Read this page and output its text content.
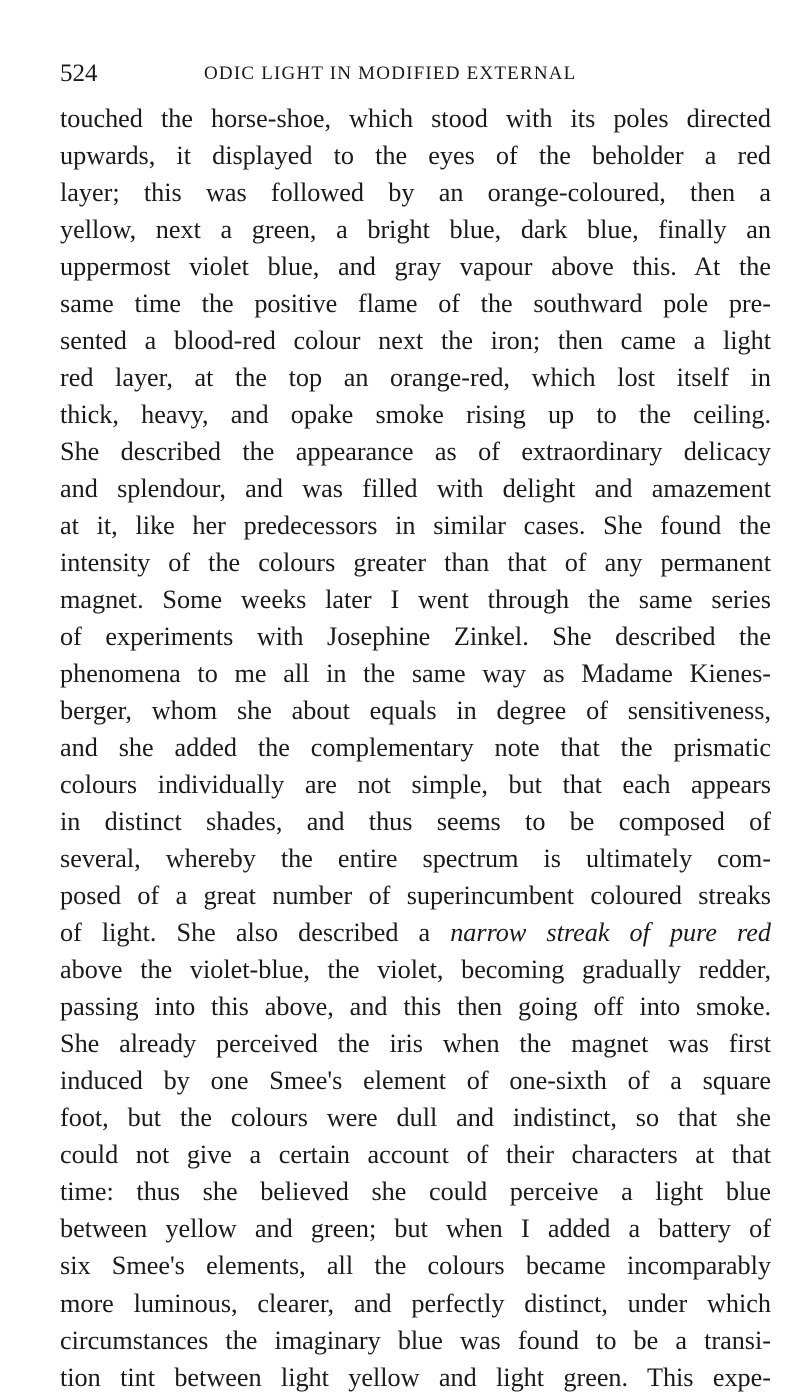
524	ODIC LIGHT IN MODIFIED EXTERNAL
touched the horse-shoe, which stood with its poles directed
upwards, it displayed to the eyes of the beholder a red
layer; this was followed by an orange-coloured, then a
yellow, next a green, a bright blue, dark blue, finally an
uppermost violet blue, and gray vapour above this. At the
same time the positive flame of the southward pole pre-
sented a blood-red colour next the iron; then came a light
red layer, at the top an orange-red, which lost itself in
thick, heavy, and opake smoke rising up to the ceiling.
She described the appearance as of extraordinary delicacy
and splendour, and was filled with delight and amazement
at it, like her predecessors in similar cases. She found the
intensity of the colours greater than that of any permanent
magnet. Some weeks later I went through the same series
of experiments with Josephine Zinkel. She described the
phenomena to me all in the same way as Madame Kienes-
berger, whom she about equals in degree of sensitiveness,
and she added the complementary note that the prismatic
colours individually are not simple, but that each appears
in distinct shades, and thus seems to be composed of
several, whereby the entire spectrum is ultimately com-
posed of a great number of superincumbent coloured streaks
of light. She also described a narrow streak of pure red
above the violet-blue, the violet, becoming gradually redder,
passing into this above, and this then going off into smoke.
She already perceived the iris when the magnet was first
induced by one Smee's element of one-sixth of a square
foot, but the colours were dull and indistinct, so that she
could not give a certain account of their characters at that
time: thus she believed she could perceive a light blue
between yellow and green; but when I added a battery of
six Smee's elements, all the colours became incomparably
more luminous, clearer, and perfectly distinct, under which
circumstances the imaginary blue was found to be a transi-
tion tint between light yellow and light green. This expe-
